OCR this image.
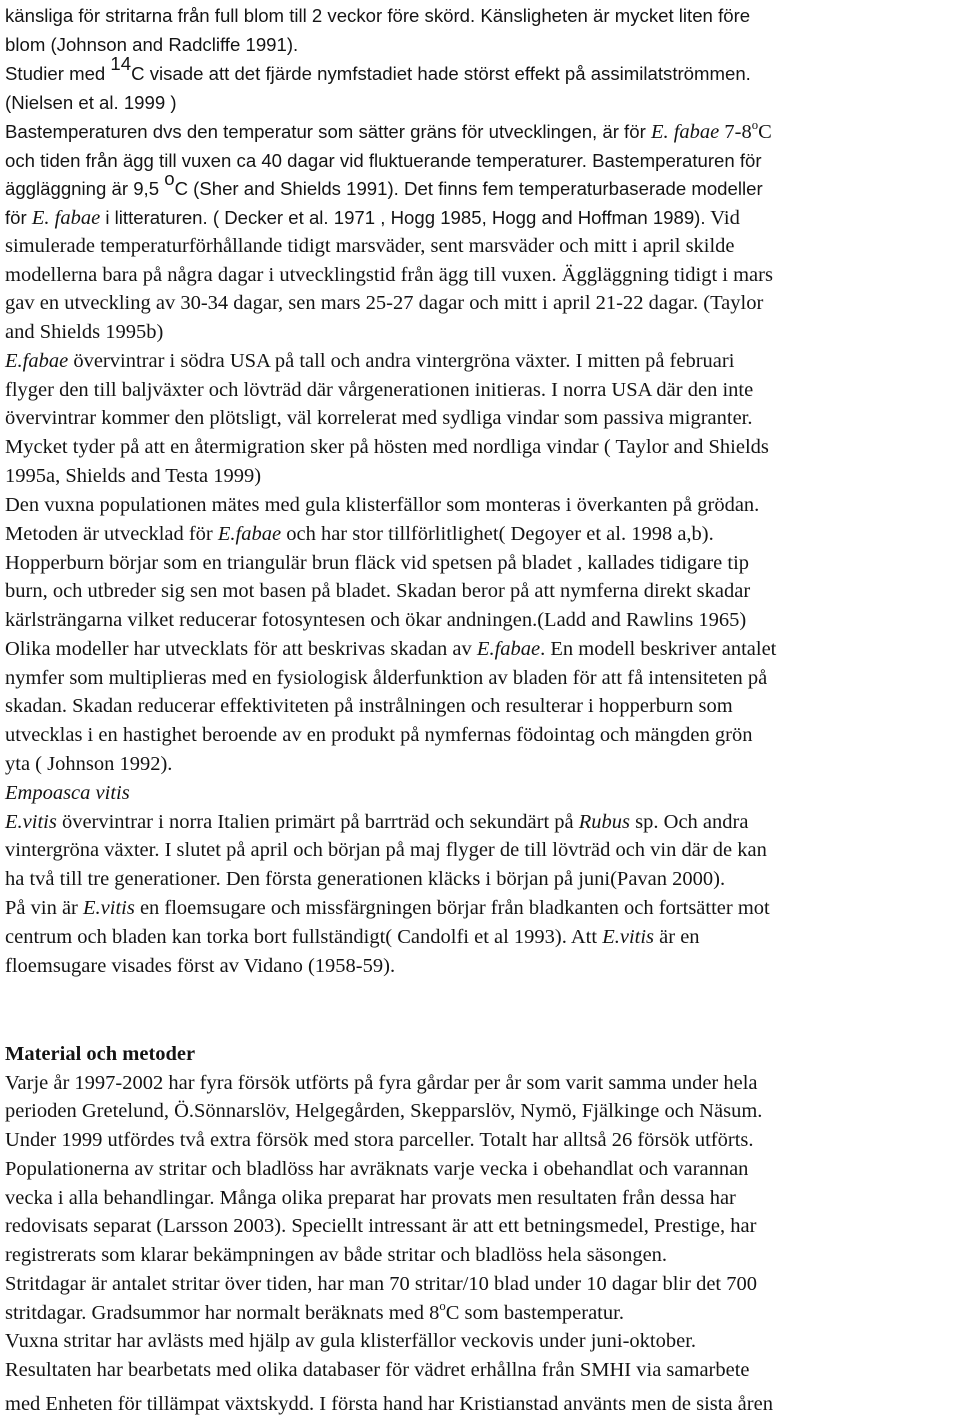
känsliga för stritarna från full blom till 2 veckor före skörd. Känsligheten är mycket liten före
blom (Johnson and Radcliffe 1991).
Studier med $^{14}$C visade att det fjärde nymfstadiet hade störst effekt på assimilatströmmen.
(Nielsen et al. 1999 )
Bastemperaturen dvs den temperatur som sätter gräns för utvecklingen, är för E. fabae 7-8$^o$C
och tiden från ägg till vuxen ca 40 dagar vid fluktuerande temperaturer. Bastemperaturen för
äggläggning är 9,5 $^o$C (Sher and Shields 1991). Det finns fem temperaturbaserade modeller
för E. fabae i litteraturen. ( Decker et al. 1971 , Hogg 1985, Hogg and Hoffman 1989). Vid
simulerade temperaturförhållande tidigt marsväder, sent marsväder och mitt i april skilde
modellerna bara på några dagar i utvecklingstid från ägg till vuxen. Äggläggning tidigt i mars
gav en utveckling av 30-34 dagar, sen mars 25-27 dagar och mitt i april 21-22 dagar. (Taylor
and Shields 1995b)
E.fabae övervintrar i södra USA på tall och andra vintergröna växter. I mitten på februari
flyger den till baljväxter och lövträd där vårgenerationen initieras. I norra USA där den inte
övervintrar kommer den plötsligt, väl korrelerat med sydliga vindar som passiva migranter.
Mycket tyder på att en återmigration sker på hösten med nordliga vindar ( Taylor and Shields
1995a, Shields and Testa 1999)
Den vuxna populationen mätes med gula klisterfällor som monteras i överkanten på grödan.
Metoden är utvecklad för E.fabae och har stor tillförlitlighet( Degoyer et al. 1998 a,b).
Hopperburn börjar som en triangulär brun fläck vid spetsen på bladet , kallades tidigare tip
burn, och utbreder sig sen mot basen på bladet. Skadan beror på att nymferna direkt skadar
kärlsträngarna vilket reducerar fotosyntesen och ökar andningen.(Ladd and Rawlins 1965)
Olika modeller har utvecklats för att beskrivas skadan av E.fabae. En modell beskriver antalet
nymfer som multiplieras med en fysiologisk ålderfunktion av bladen för att få intensiteten på
skadan. Skadan reducerar effektiviteten på instrålningen och resulterar i hopperburn som
utvecklas i en hastighet beroende av en produkt på nymfernas födointag och mängden grön
yta ( Johnson 1992).
Empoasca vitis
E.vitis övervintrar i norra Italien primärt på barrträd och sekundärt på Rubus sp. Och andra
vintergröna växter. I slutet på april och början på maj flyger de till lövträd och vin där de kan
ha två till tre generationer. Den första generationen kläcks i början på juni(Pavan 2000).
På vin är E.vitis en floemsugare och missfärgningen börjar från bladkanten och fortsätter mot
centrum och bladen kan torka bort fullständigt( Candolfi et al 1993). Att E.vitis är en
floemsugare visades först av Vidano (1958-59).
Material och metoder
Varje år 1997-2002 har fyra försök utförts på fyra gårdar per år som varit samma under hela
perioden Gretelund, Ö.Sönnarslöv, Helgegården, Skepparslöv, Nymö, Fjälkinge och Näsum.
Under 1999 utfördes två extra försök med stora parceller. Totalt har alltså 26 försök utförts.
Populationerna av stritar och bladlöss har avräknats varje vecka i obehandlat och varannan
vecka i alla behandlingar. Många olika preparat har provats men resultaten från dessa har
redovisats separat (Larsson 2003). Speciellt intressant är att ett betningsmedel, Prestige, har
registrerats som klarar bekämpningen av både stritar och bladlöss hela säsongen.
Stritdagar är antalet stritar över tiden, har man 70 stritar/10 blad under 10 dagar blir det 700
stritdagar. Gradsummor har normalt beräknats med 8$^o$C som bastemperatur.
Vuxna stritar har avlästs med hjälp av gula klisterfällor veckovis under juni-oktober.
Resultaten har bearbetats med olika databaser för vädret erhållna från SMHI via samarbete
med Enheten för tillämpat växtskydd. I första hand har Kristianstad använts men de sista åren
